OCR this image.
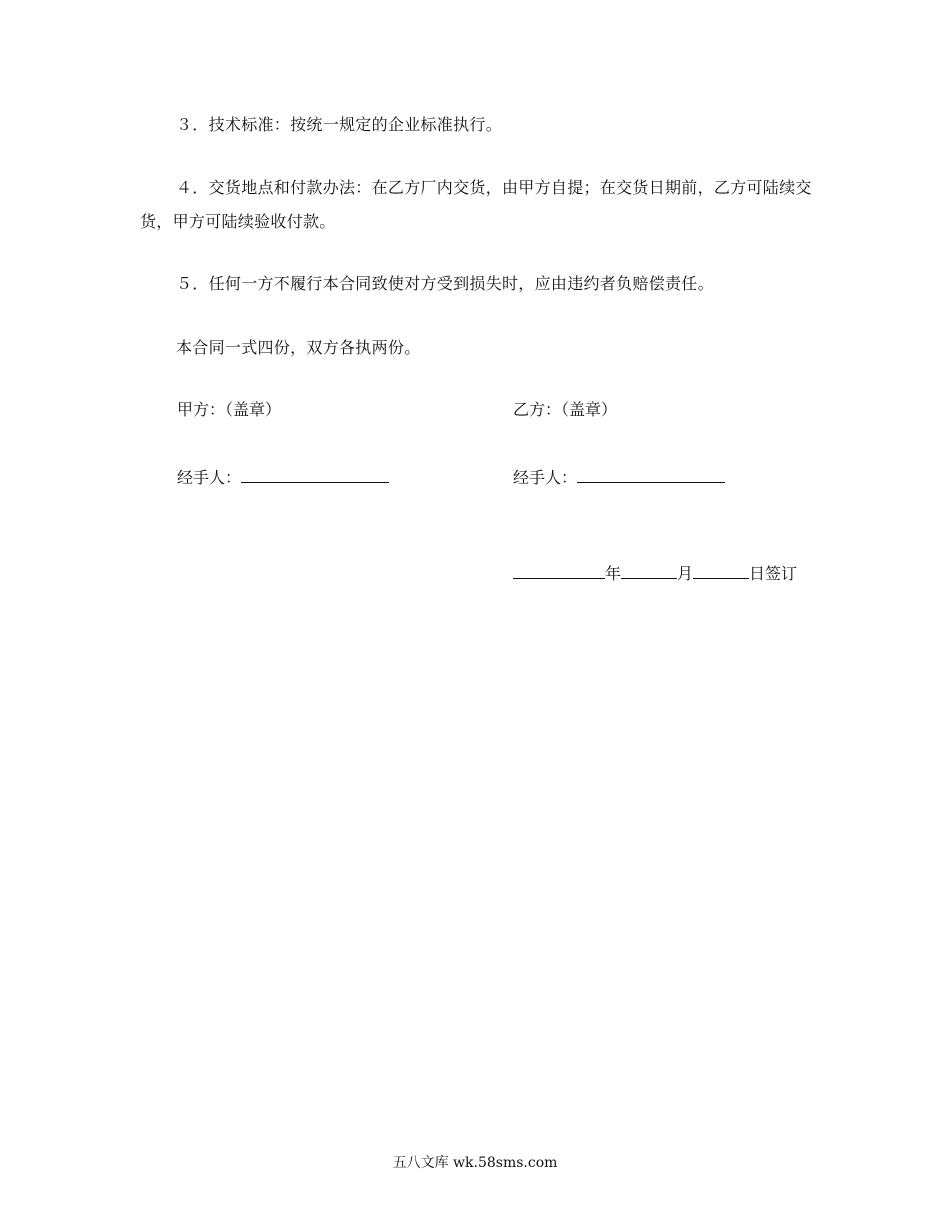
３．技术标准：按统一规定的企业标准执行。
４．交货地点和付款办法：在乙方厂内交货，由甲方自提；在交货日期前，乙方可陆续交货，甲方可陆续验收付款。
５．任何一方不履行本合同致使对方受到损失时，应由违约者负赔偿责任。
本合同一式四份，双方各执两份。
甲方：（盖章）	乙方：（盖章）
经手人：	经手人：
年	月	日签订
五八文库 wk.58sms.com
